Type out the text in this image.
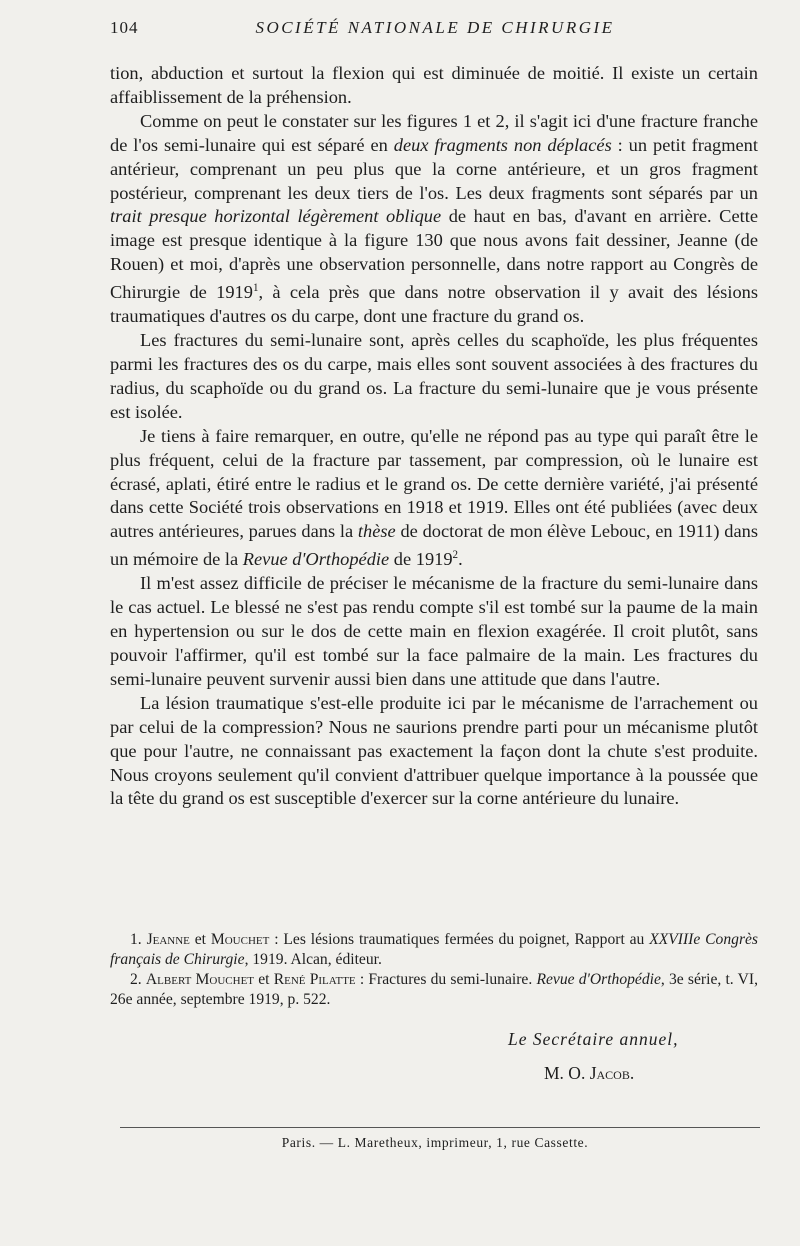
104	SOCIÉTÉ NATIONALE DE CHIRURGIE

tion, abduction et surtout la flexion qui est diminuée de moitié. Il existe un certain affaiblissement de la préhension.

Comme on peut le constater sur les figures 1 et 2, il s'agit ici d'une fracture franche de l'os semi-lunaire qui est séparé en deux fragments non déplacés : un petit fragment antérieur, comprenant un peu plus que la corne antérieure, et un gros fragment postérieur, comprenant les deux tiers de l'os. Les deux fragments sont séparés par un trait presque horizontal légèrement oblique de haut en bas, d'avant en arrière. Cette image est presque identique à la figure 130 que nous avons fait dessiner, Jeanne (de Rouen) et moi, d'après une observation personnelle, dans notre rapport au Congrès de Chirurgie de 1919$^1$, à cela près que dans notre observation il y avait des lésions traumatiques d'autres os du carpe, dont une fracture du grand os.

Les fractures du semi-lunaire sont, après celles du scaphoïde, les plus fréquentes parmi les fractures des os du carpe, mais elles sont souvent associées à des fractures du radius, du scaphoïde ou du grand os. La fracture du semi-lunaire que je vous présente est isolée.

Je tiens à faire remarquer, en outre, qu'elle ne répond pas au type qui paraît être le plus fréquent, celui de la fracture par tassement, par compression, où le lunaire est écrasé, aplati, étiré entre le radius et le grand os. De cette dernière variété, j'ai présenté dans cette Société trois observations en 1918 et 1919. Elles ont été publiées (avec deux autres antérieures, parues dans la thèse de doctorat de mon élève Lebouc, en 1911) dans un mémoire de la Revue d'Orthopédie de 1919$^2$.

Il m'est assez difficile de préciser le mécanisme de la fracture du semi-lunaire dans le cas actuel. Le blessé ne s'est pas rendu compte s'il est tombé sur la paume de la main en hypertension ou sur le dos de cette main en flexion exagérée. Il croit plutôt, sans pouvoir l'affirmer, qu'il est tombé sur la face palmaire de la main. Les fractures du semi-lunaire peuvent survenir aussi bien dans une attitude que dans l'autre.

La lésion traumatique s'est-elle produite ici par le mécanisme de l'arrachement ou par celui de la compression? Nous ne saurions prendre parti pour un mécanisme plutôt que pour l'autre, ne connaissant pas exactement la façon dont la chute s'est produite. Nous croyons seulement qu'il convient d'attribuer quelque importance à la poussée que la tête du grand os est susceptible d'exercer sur la corne antérieure du lunaire.

1. Jeanne et Mouchet : Les lésions traumatiques fermées du poignet, Rapport au XXVIIIe Congrès français de Chirurgie, 1919. Alcan, éditeur.

2. Albert Mouchet et René Pilatte : Fractures du semi-lunaire. Revue d'Orthopédie, 3e série, t. VI, 26e année, septembre 1919, p. 522.

Le Secrétaire annuel,
M. O. Jacob.
Paris. — L. Maretheux, imprimeur, 1, rue Cassette.
